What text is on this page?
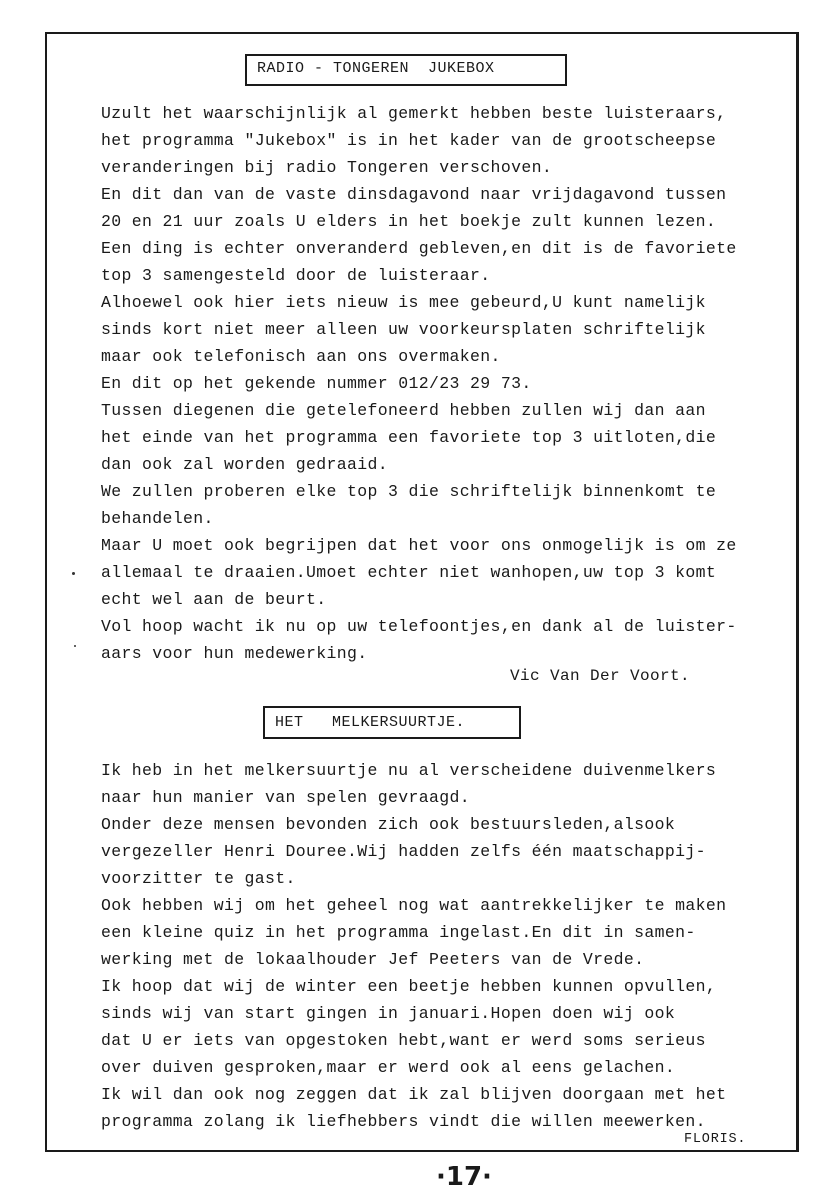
RADIO - TONGEREN  JUKEBOX
Uzult het waarschijnlijk al gemerkt hebben beste luisteraars,
het programma "Jukebox" is in het kader van de grootscheepse
veranderingen bij radio Tongeren verschoven.
En dit dan van de vaste dinsdagavond naar vrijdagavond tussen
20 en 21 uur zoals U elders in het boekje zult kunnen lezen.
Een ding is echter onveranderd gebleven,en dit is de favoriete
top 3 samengesteld door de luisteraar.
Alhoewel ook hier iets nieuw is mee gebeurd,U kunt namelijk
sinds kort niet meer alleen uw voorkeursplaten schriftelijk
maar ook telefonisch aan ons overmaken.
En dit op het gekende nummer 012/23 29 73.
Tussen diegenen die getelefoneerd hebben zullen wij dan aan
het einde van het programma een favoriete top 3 uitloten,die
dan ook zal worden gedraaid.
We zullen proberen elke top 3 die schriftelijk binnenkomt te
behandelen.
Maar U moet ook begrijpen dat het voor ons onmogelijk is om ze
allemaal te draaien.Umoet echter niet wanhopen,uw top 3 komt
echt wel aan de beurt.
Vol hoop wacht ik nu op uw telefoontjes,en dank al de luister-
aars voor hun medewerking.
Vic Van Der Voort.
HET   MELKERSUURTJE.
Ik heb in het melkersuurtje nu al verscheidene duivenmelkers
naar hun manier van spelen gevraagd.
Onder deze mensen bevonden zich ook bestuursleden,alsook
vergezeller Henri Douree.Wij hadden zelfs één maatschappij-
voorzitter te gast.
Ook hebben wij om het geheel nog wat aantrekkelijker te maken
een kleine quiz in het programma ingelast.En dit in samen-
werking met de lokaalhouder Jef Peeters van de Vrede.
Ik hoop dat wij de winter een beetje hebben kunnen opvullen,
sinds wij van start gingen in januari.Hopen doen wij ook
dat U er iets van opgestoken hebt,want er werd soms serieus
over duiven gesproken,maar er werd ook al eens gelachen.
Ik wil dan ook nog zeggen dat ik zal blijven doorgaan met het
programma zolang ik liefhebbers vindt die willen meewerken.
FLORIS.
·17·
